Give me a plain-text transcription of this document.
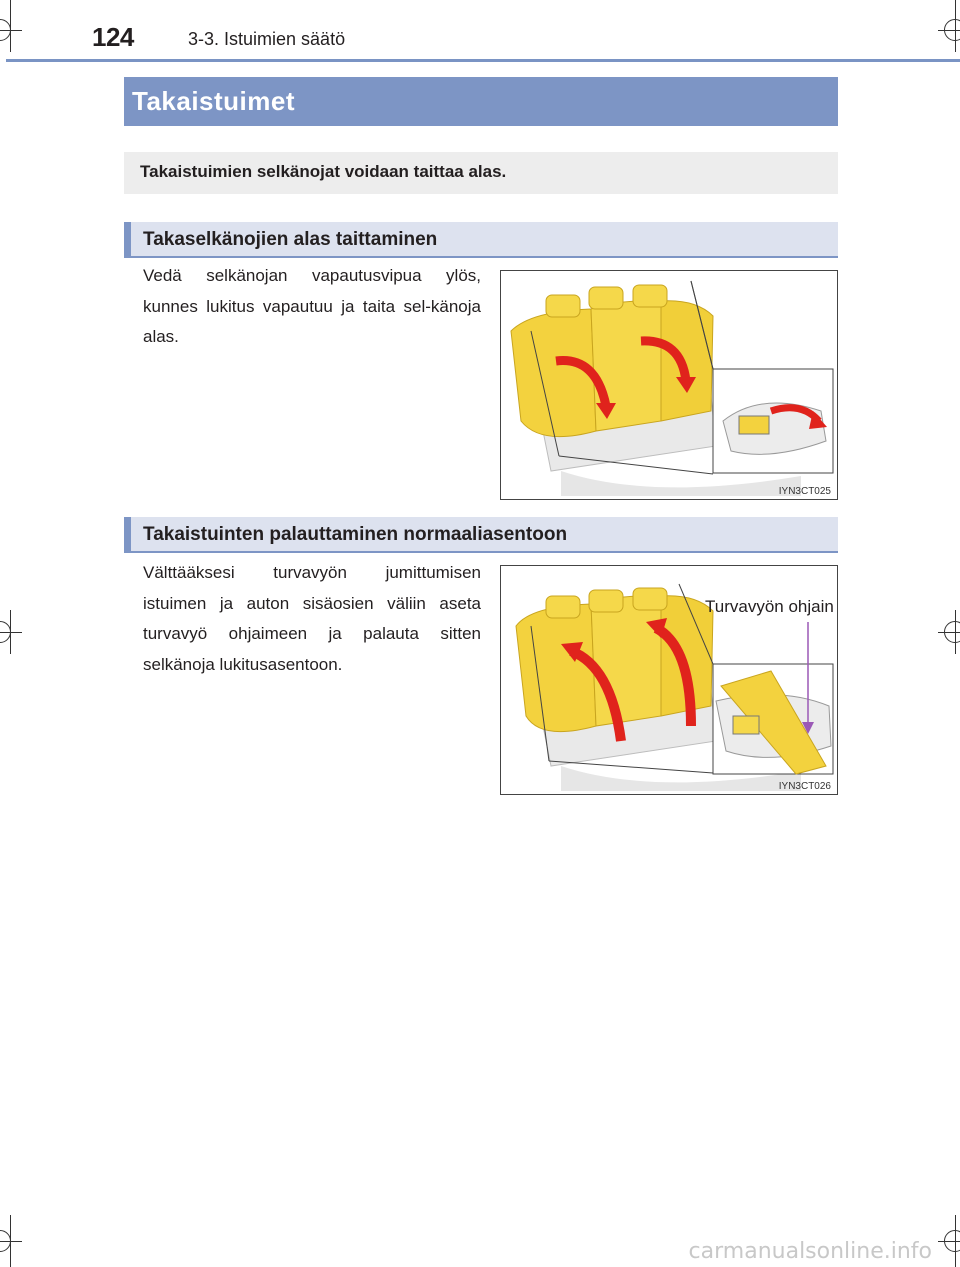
124	3-3. Istuimien säätö
Takaistuimet
Takaistuimien selkänojat voidaan taittaa alas.
Takaselkänojien alas taittaminen
Vedä selkänojan vapautusvipua ylös, kunnes lukitus vapautuu ja taita sel-känoja alas.
IYN3CT025
Takaistuinten palauttaminen normaaliasentoon
Välttääksesi turvavyön jumittumisen istuimen ja auton sisäosien väliin aseta turvavyö ohjaimeen ja palauta sitten selkänoja lukitusasentoon.
Turvavyön ohjain
IYN3CT026
carmanualsonline.info
